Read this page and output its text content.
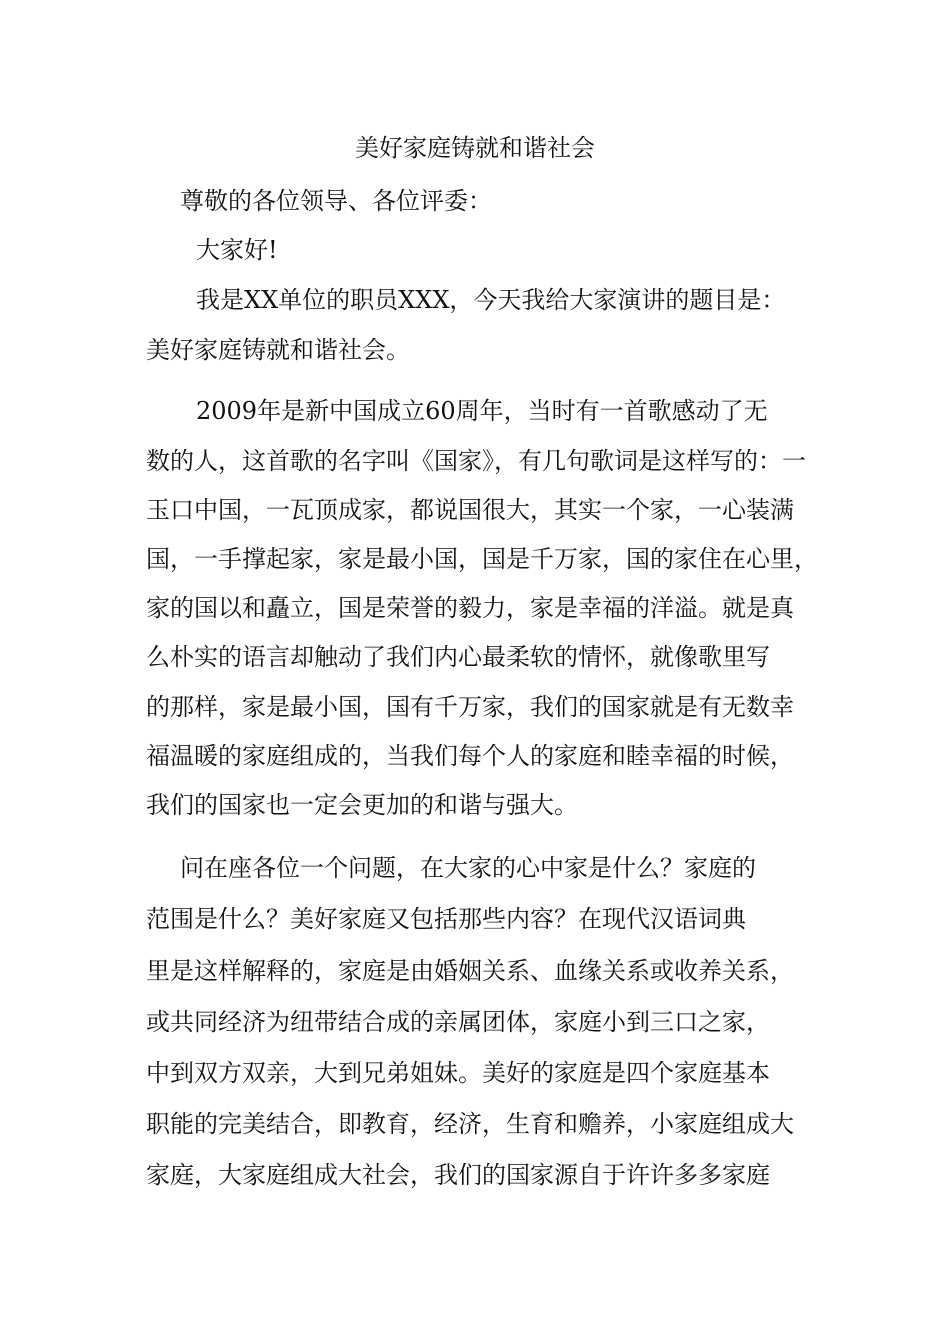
美好家庭铸就和谐社会

尊敬的各位领导、各位评委：

大家好!

我是XX单位的职员XXX，今天我给大家演讲的题目是：

美好家庭铸就和谐社会。

2009年是新中国成立60周年，当时有一首歌感动了无

数的人，这首歌的名字叫《国家》，有几句歌词是这样写的：一

玉口中国，一瓦顶成家，都说国很大，其实一个家，一心装满

国，一手撑起家，家是最小国，国是千万家，国的家住在心里，

家的国以和矗立，国是荣誉的毅力，家是幸福的洋溢。就是真

么朴实的语言却触动了我们内心最柔软的情怀，就像歌里写

的那样，家是最小国，国有千万家，我们的国家就是有无数幸

福温暖的家庭组成的，当我们每个人的家庭和睦幸福的时候，

我们的国家也一定会更加的和谐与强大。

问在座各位一个问题，在大家的心中家是什么？家庭的

范围是什么？美好家庭又包括那些内容？在现代汉语词典

里是这样解释的，家庭是由婚姻关系、血缘关系或收养关系，

或共同经济为纽带结合成的亲属团体，家庭小到三口之家，

中到双方双亲，大到兄弟姐妹。美好的家庭是四个家庭基本

职能的完美结合，即教育，经济，生育和赡养，小家庭组成大

家庭，大家庭组成大社会，我们的国家源自于许许多多家庭
